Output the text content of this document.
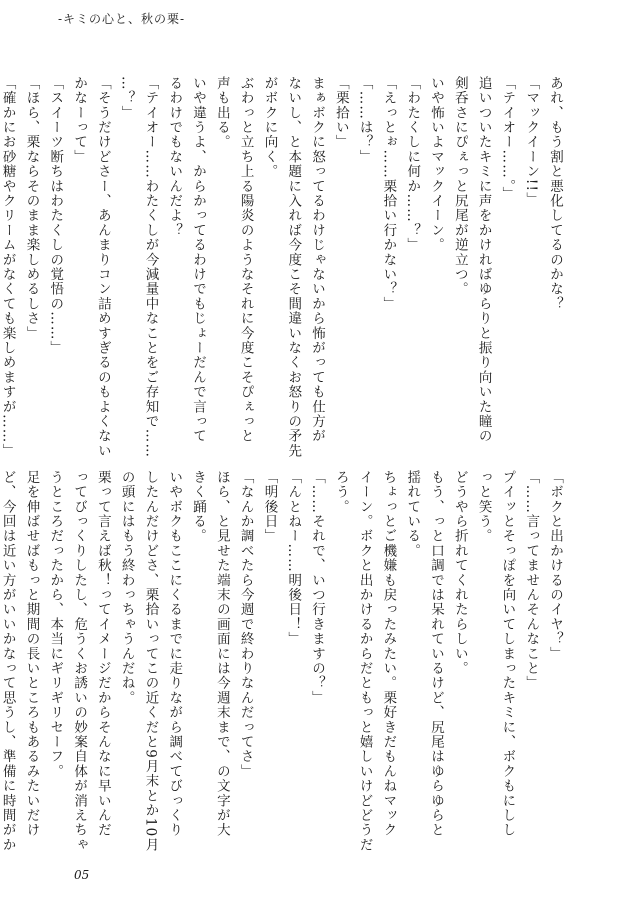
-キミの心と、秋の栗-
あれ、もう割と悪化してるのかな？
「マックイーン!!」
「テイオー……。」
追いついたキミに声をかければゆらりと振り向いた瞳の
剣呑さにぴぇっと尻尾が逆立つ。
いや怖いよマックイーン。
「わたくしに何か……？」
「えっとぉ……栗拾い行かない？」
「……は？」
「栗拾い」
まぁボクに怒ってるわけじゃないから怖がっても仕方が
ないし、と本題に入れば今度こそ間違いなくお怒りの矛先
がボクに向く。
ぶわっと立ち上る陽炎のようなそれに今度こそぴぇっと
声も出る。
いや違うよ、からかってるわけでもじょーだんで言って
るわけでもないんだよ？
「テイオー……わたくしが今減量中なことをご存知で……
…？」
「そうだけどさー、あんまりコン詰めすぎるのもよくない
かなーって」
「スイーツ断ちはわたくしの覚悟の……」
「ほら、栗ならそのまま楽しめるしさ」
「確かにお砂糖やクリームがなくても楽しめますが……」
「ボクと出かけるのイヤ？」
「……言ってませんそんなこと」
プイッとそっぽを向いてしまったキミに、ボクもにしし
っと笑う。
どうやら折れてくれたらしい。
もう、っと口調では呆れているけど、尻尾はゆらゆらと
揺れている。
ちょっとご機嫌も戻ったみたい。栗好きだもんねマック
イーン。ボクと出かけるからだともっと嬉しいけどどうだ
ろう。
「……それで、いつ行きますの？」
「んとねー……明後日！」
「明後日」
「なんか調べたら今週で終わりなんだってさ」
ほら、と見せた端末の画面には今週末まで、の文字が大
きく踊る。
いやボクもここにくるまでに走りながら調べてびっくり
したんだけどさ、栗拾いってこの近くだと9月末とか10月
の頭にはもう終わっちゃうんだね。
栗って言えば秋！ってイメージだからそんなに早いんだ
ってびっくりしたし、危うくお誘いの妙案自体が消えちゃ
うところだったから、本当にギリギリセーフ。
足を伸ばせばもっと期間の長いところもあるみたいだけ
ど、今回は近い方がいいかなって思うし、準備に時間がか
05
